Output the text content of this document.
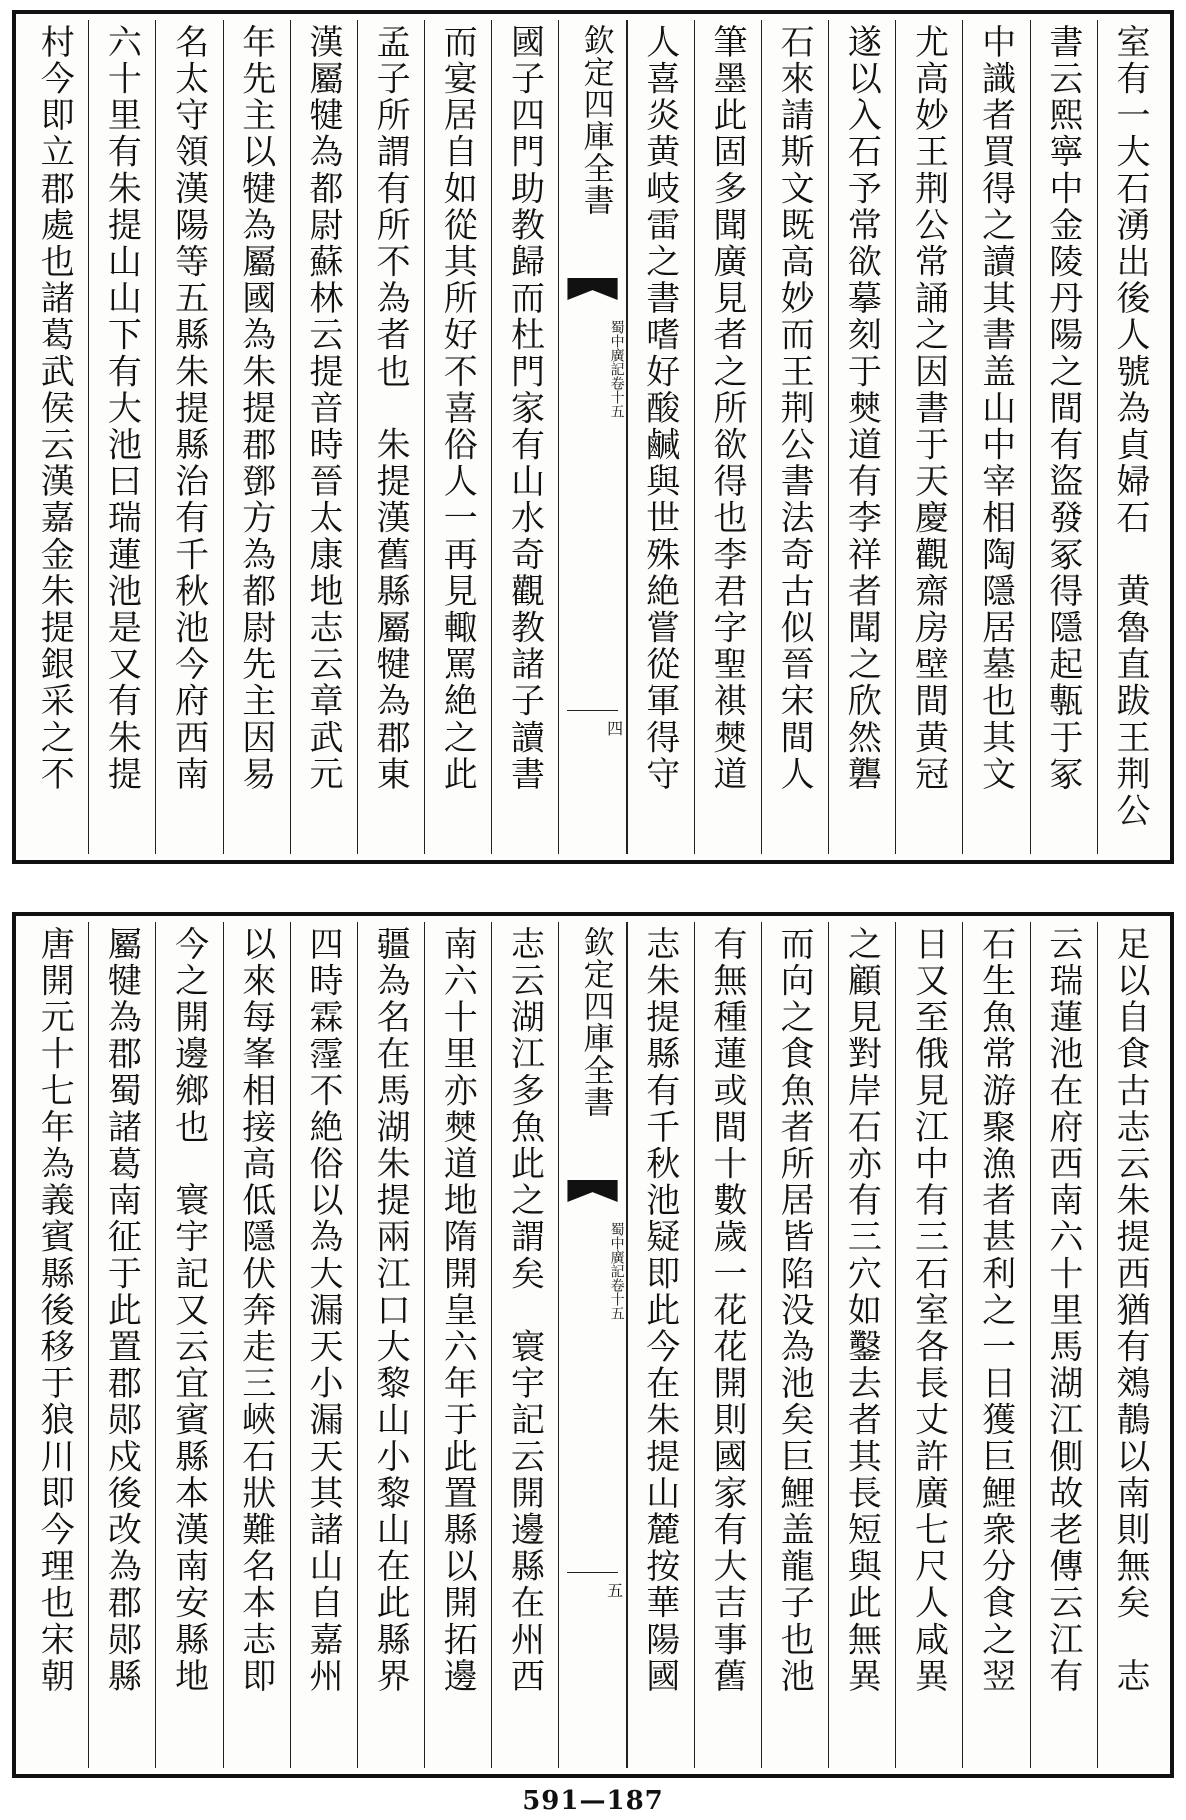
室有一大石湧出後人號為貞婦石　黄魯直跋王荆公
書云熙寧中金陵丹陽之間有盜發冢得隱起甎于冢
中識者買得之讀其書盖山中宰相陶隱居墓也其文
尤高妙王荆公常誦之因書于天慶觀齋房壁間黄冠
遂以入石予常欲摹刻于僰道有李祥者聞之欣然礱
石來請斯文既高妙而王荆公書法奇古似晉宋間人
筆墨此固多聞廣見者之所欲得也李君字聖褀僰道
人喜炎黄岐雷之書嗜好酸鹹與世殊絶嘗從軍得守
欽定四庫全書
蜀中廣記
卷十五
四
國子四門助教歸而杜門家有山水奇觀教諸子讀書
而宴居自如從其所好不喜俗人一再見輙罵絶之此
孟子所謂有所不為者也　朱提漢舊縣屬犍為郡東
漢屬犍為都尉蘇林云提音時晉太康地志云章武元
年先主以犍為屬國為朱提郡鄧方為都尉先主因易
名太守領漢陽等五縣朱提縣治有千秋池今府西南
六十里有朱提山山下有大池曰瑞蓮池是又有朱提
村今即立郡處也諸葛武侯云漢嘉金朱提銀采之不
足以自食古志云朱提西猶有鵁鶄以南則無矣　志
云瑞蓮池在府西南六十里馬湖江側故老傳云江有
石生魚常游聚漁者甚利之一日獲巨鯉衆分食之翌
日又至俄見江中有三石室各長丈許廣七尺人咸異
之顧見對岸石亦有三穴如鑿去者其長短與此無異
而向之食魚者所居皆陷没為池矣巨鯉盖龍子也池
有無種蓮或間十數歲一花花開則國家有大吉事舊
志朱提縣有千秋池疑即此今在朱提山麓按華陽國
欽定四庫全書
蜀中廣記
卷十五
五
志云湖江多魚此之謂矣　寰宇記云開邊縣在州西
南六十里亦僰道地隋開皇六年于此置縣以開拓邊
疆為名在馬湖朱提兩江口大黎山小黎山在此縣界
四時霖霪不絶俗以為大漏天小漏天其諸山自嘉州
以來每峯相接高低隱伏奔走三峽石狀難名本志即
今之開邊鄉也　寰宇記又云宜賓縣本漢南安縣地
屬犍為郡蜀諸葛南征于此置郡郧戍後改為郡郧縣
唐開元十七年為義賓縣後移于狼川即今理也宋朝
591—187
